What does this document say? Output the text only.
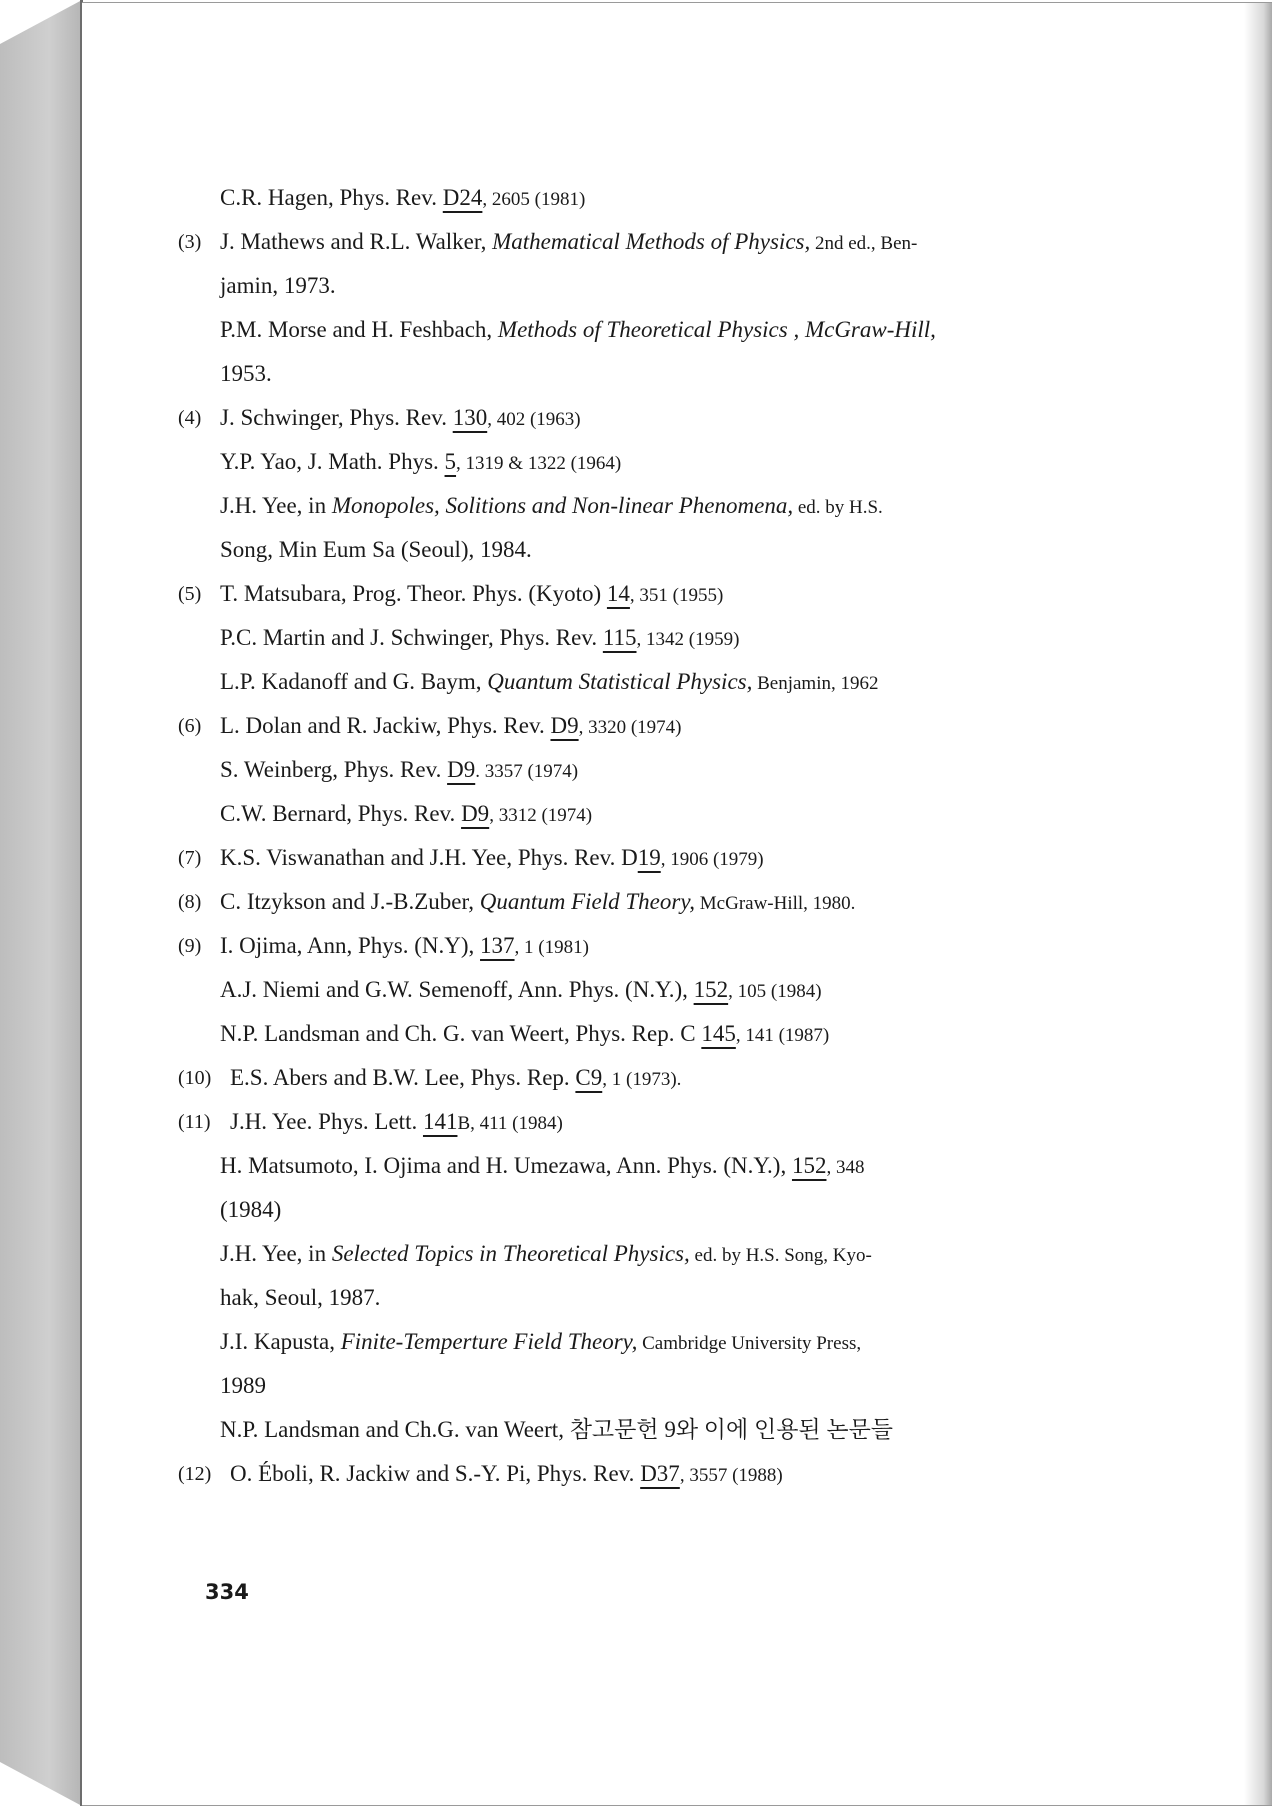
C.R. Hagen, Phys. Rev. D24, 2605 (1981)
(3) J. Mathews and R.L. Walker, Mathematical Methods of Physics, 2nd ed., Ben-
jamin, 1973.
P.M. Morse and H. Feshbach, Methods of Theoretical Physics , McGraw-Hill,
1953.
(4) J. Schwinger, Phys. Rev. 130, 402 (1963)
Y.P. Yao, J. Math. Phys. 5, 1319 & 1322 (1964)
J.H. Yee, in Monopoles, Solitions and Non-linear Phenomena, ed. by H.S.
Song, Min Eum Sa (Seoul), 1984.
(5) T. Matsubara, Prog. Theor. Phys. (Kyoto) 14, 351 (1955)
P.C. Martin and J. Schwinger, Phys. Rev. 115, 1342 (1959)
L.P. Kadanoff and G. Baym, Quantum Statistical Physics, Benjamin, 1962
(6) L. Dolan and R. Jackiw, Phys. Rev. D9, 3320 (1974)
S. Weinberg, Phys. Rev. D9. 3357 (1974)
C.W. Bernard, Phys. Rev. D9, 3312 (1974)
(7) K.S. Viswanathan and J.H. Yee, Phys. Rev. D19, 1906 (1979)
(8) C. Itzykson and J.-B.Zuber, Quantum Field Theory, McGraw-Hill, 1980.
(9) I. Ojima, Ann, Phys. (N.Y), 137, 1 (1981)
A.J. Niemi and G.W. Semenoff, Ann. Phys. (N.Y.), 152, 105 (1984)
N.P. Landsman and Ch. G. van Weert, Phys. Rep. C 145, 141 (1987)
(10) E.S. Abers and B.W. Lee, Phys. Rep. C9, 1 (1973).
(11) J.H. Yee. Phys. Lett. 141B, 411 (1984)
H. Matsumoto, I. Ojima and H. Umezawa, Ann. Phys. (N.Y.), 152, 348
(1984)
J.H. Yee, in Selected Topics in Theoretical Physics, ed. by H.S. Song, Kyo-
hak, Seoul, 1987.
J.I. Kapusta, Finite-Temperture Field Theory, Cambridge University Press,
1989
N.P. Landsman and Ch.G. van Weert, 참고문헌 9와 이에 인용된 논문들
(12) O. Éboli, R. Jackiw and S.-Y. Pi, Phys. Rev. D37, 3557 (1988)
334
